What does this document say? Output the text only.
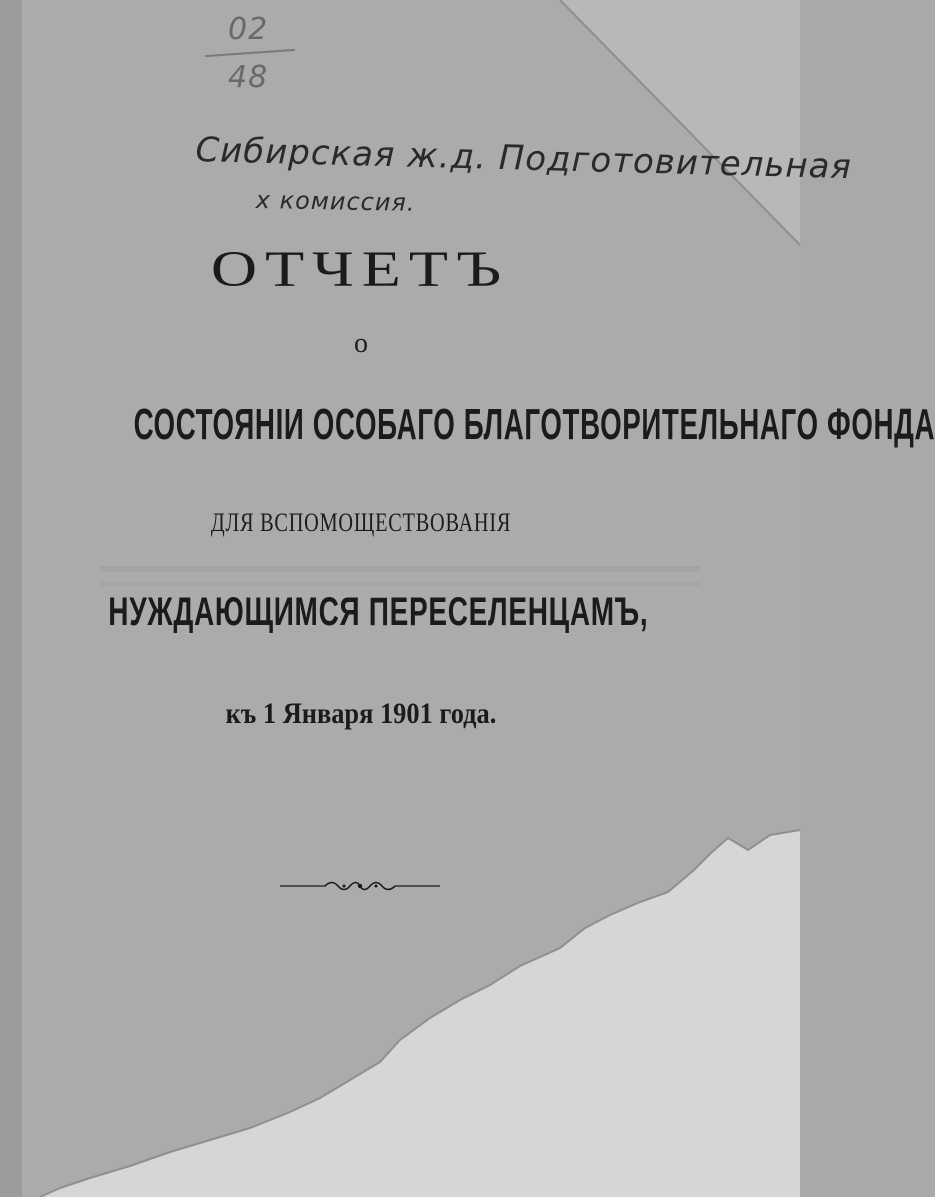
02
48
Сибирская ж.д. Подготовительная
х комиссия.
ОТЧЕТЪ
о
СОСТОЯНІИ ОСОБАГО БЛАГОТВОРИТЕЛЬНАГО ФОНДА
ДЛЯ ВСПОМОЩЕСТВОВАНІЯ
НУЖДАЮЩИМСЯ ПЕРЕСЕЛЕНЦАМЪ,
къ 1 Января 1901 года.
